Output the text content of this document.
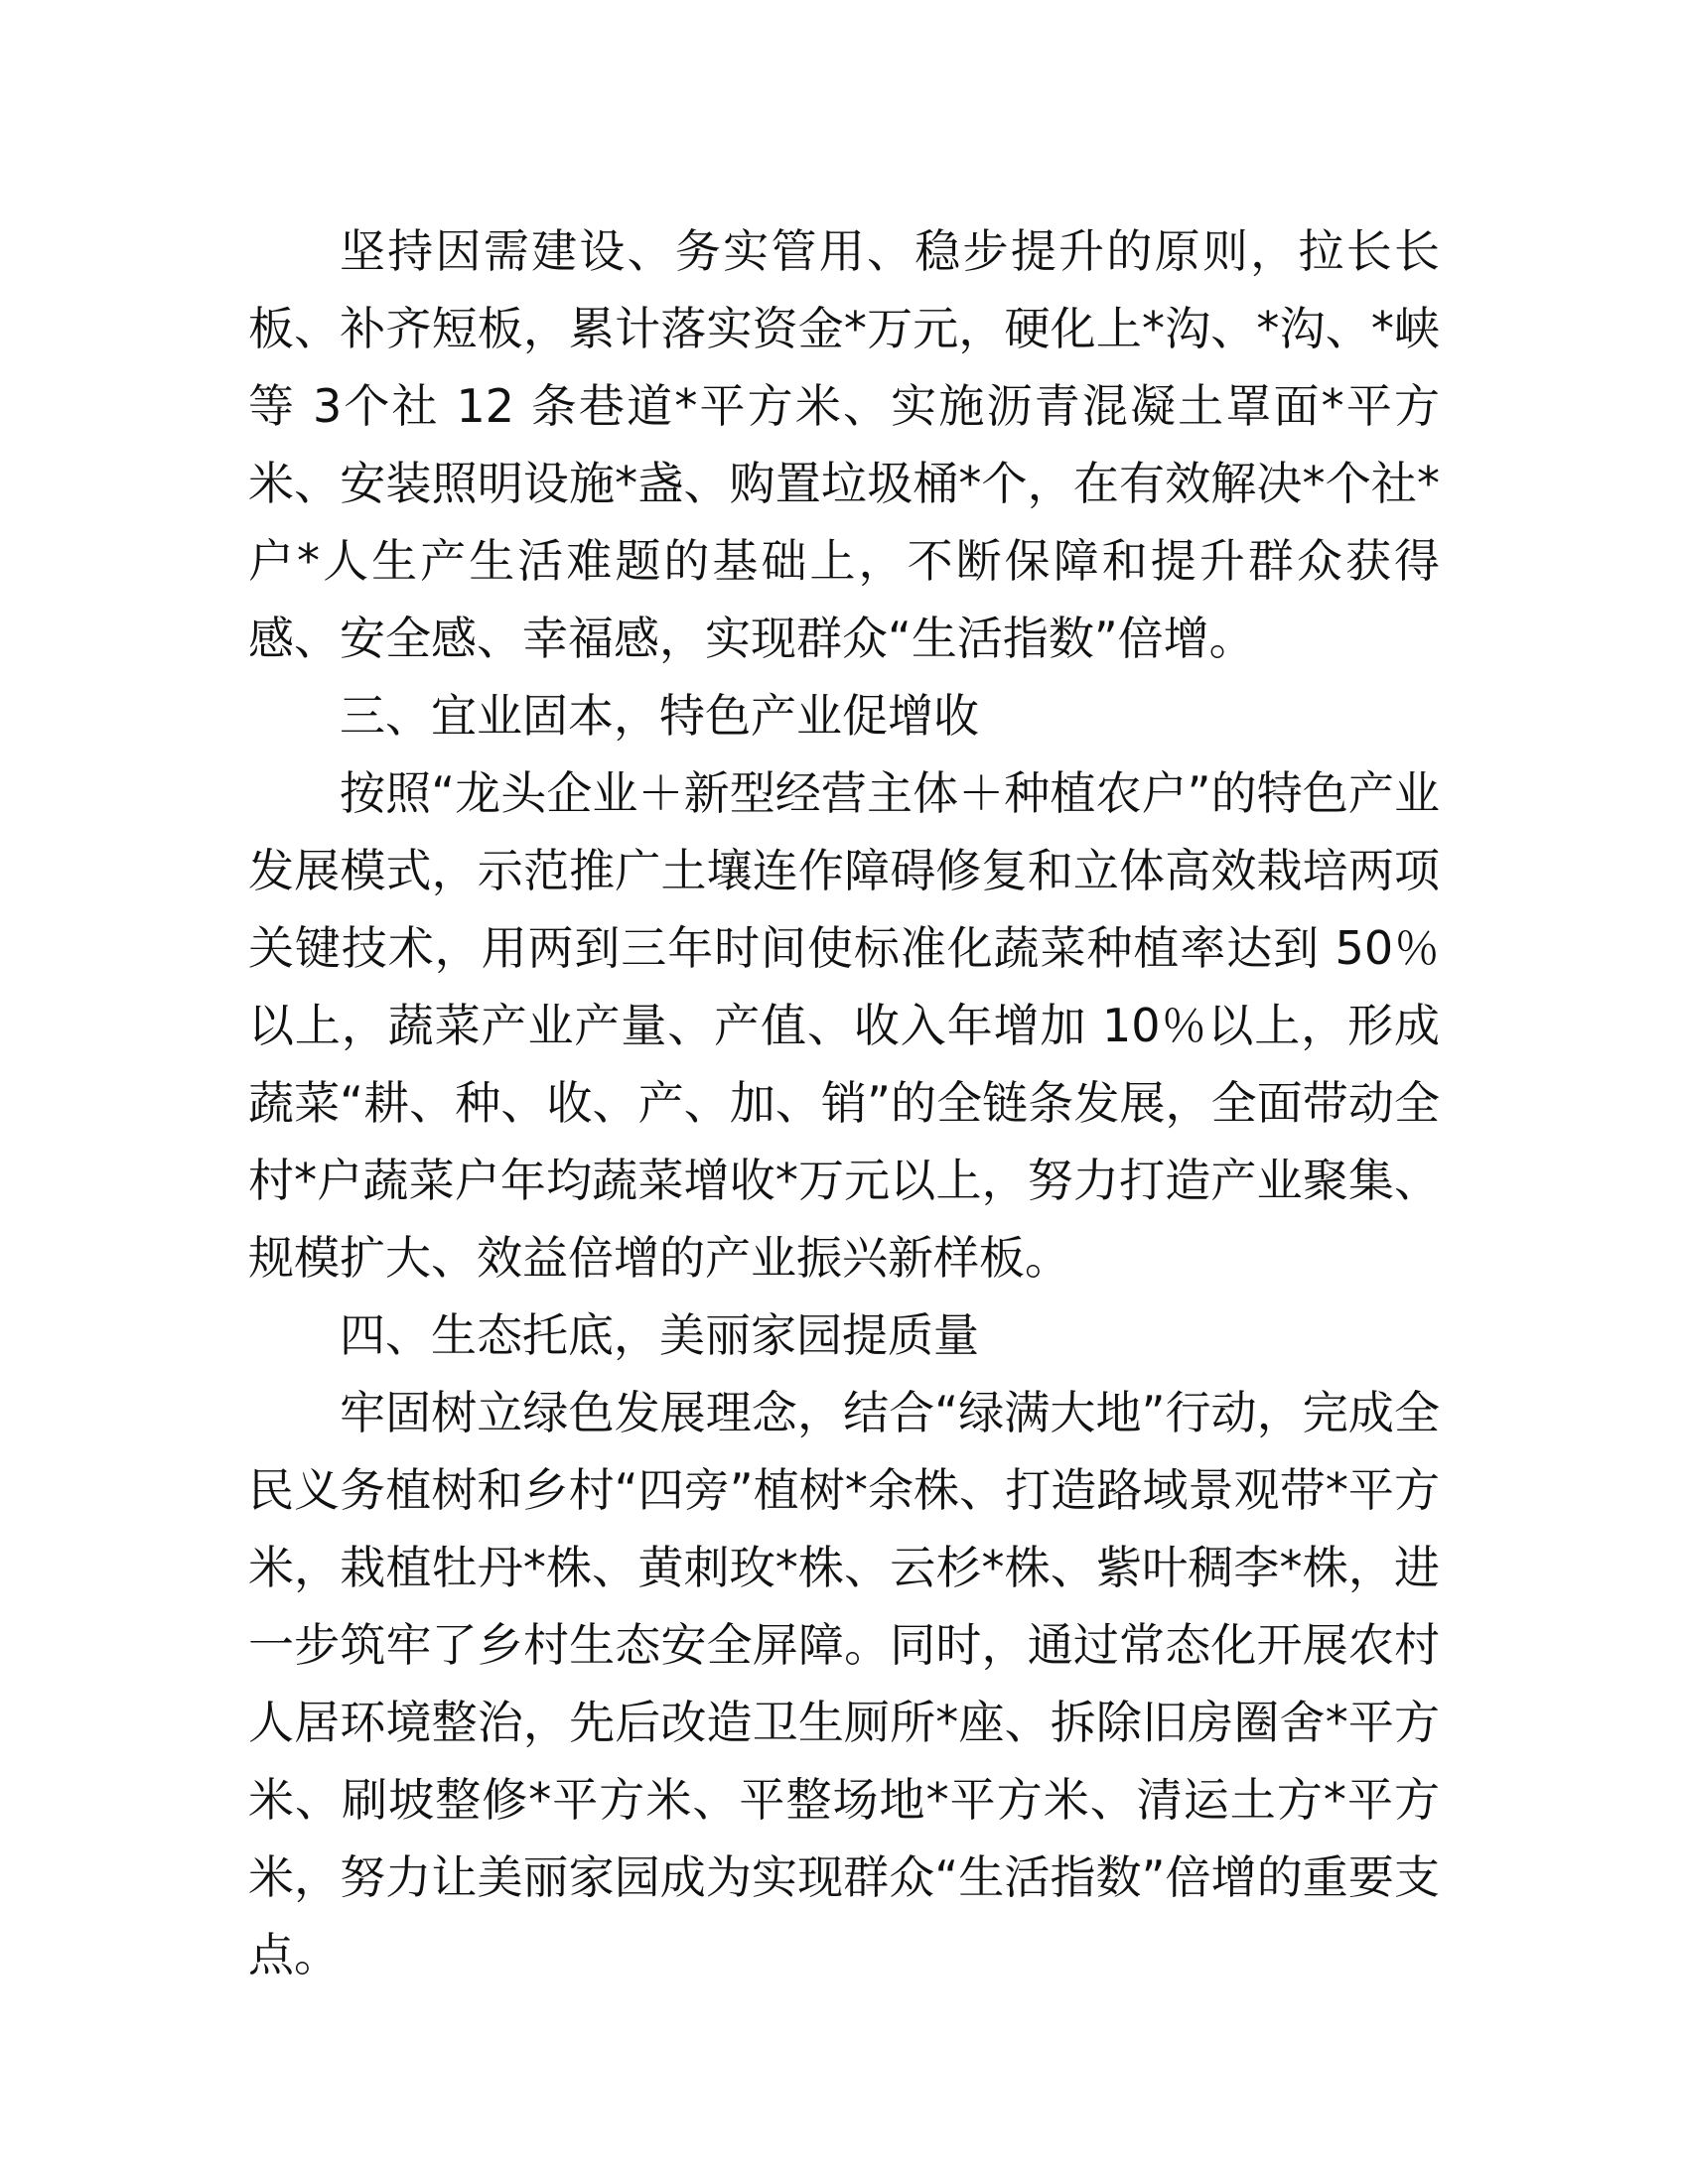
坚持因需建设、务实管用、稳步提升的原则，拉长长板、补齐短板，累计落实资金*万元，硬化上*沟、*沟、*峡等 3个社 12 条巷道*平方米、实施沥青混凝土罩面*平方米、安装照明设施*盏、购置垃圾桶*个，在有效解决*个社*户*人生产生活难题的基础上，不断保障和提升群众获得感、安全感、幸福感，实现群众“生活指数”倍增。

三、宜业固本，特色产业促增收

按照“龙头企业＋新型经营主体＋种植农户”的特色产业发展模式，示范推广土壤连作障碍修复和立体高效栽培两项关键技术，用两到三年时间使标准化蔬菜种植率达到 50％以上，蔬菜产业产量、产值、收入年增加 10％以上，形成蔬菜“耕、种、收、产、加、销”的全链条发展，全面带动全村*户蔬菜户年均蔬菜增收*万元以上，努力打造产业聚集、规模扩大、效益倍增的产业振兴新样板。

四、生态托底，美丽家园提质量

牢固树立绿色发展理念，结合“绿满大地”行动，完成全民义务植树和乡村“四旁”植树*余株、打造路域景观带*平方米，栽植牡丹*株、黄刺玫*株、云杉*株、紫叶稠李*株，进一步筑牢了乡村生态安全屏障。同时，通过常态化开展农村人居环境整治，先后改造卫生厕所*座、拆除旧房圈舍*平方米、刷坡整修*平方米、平整场地*平方米、清运土方*平方米，努力让美丽家园成为实现群众“生活指数”倍增的重要支点。
